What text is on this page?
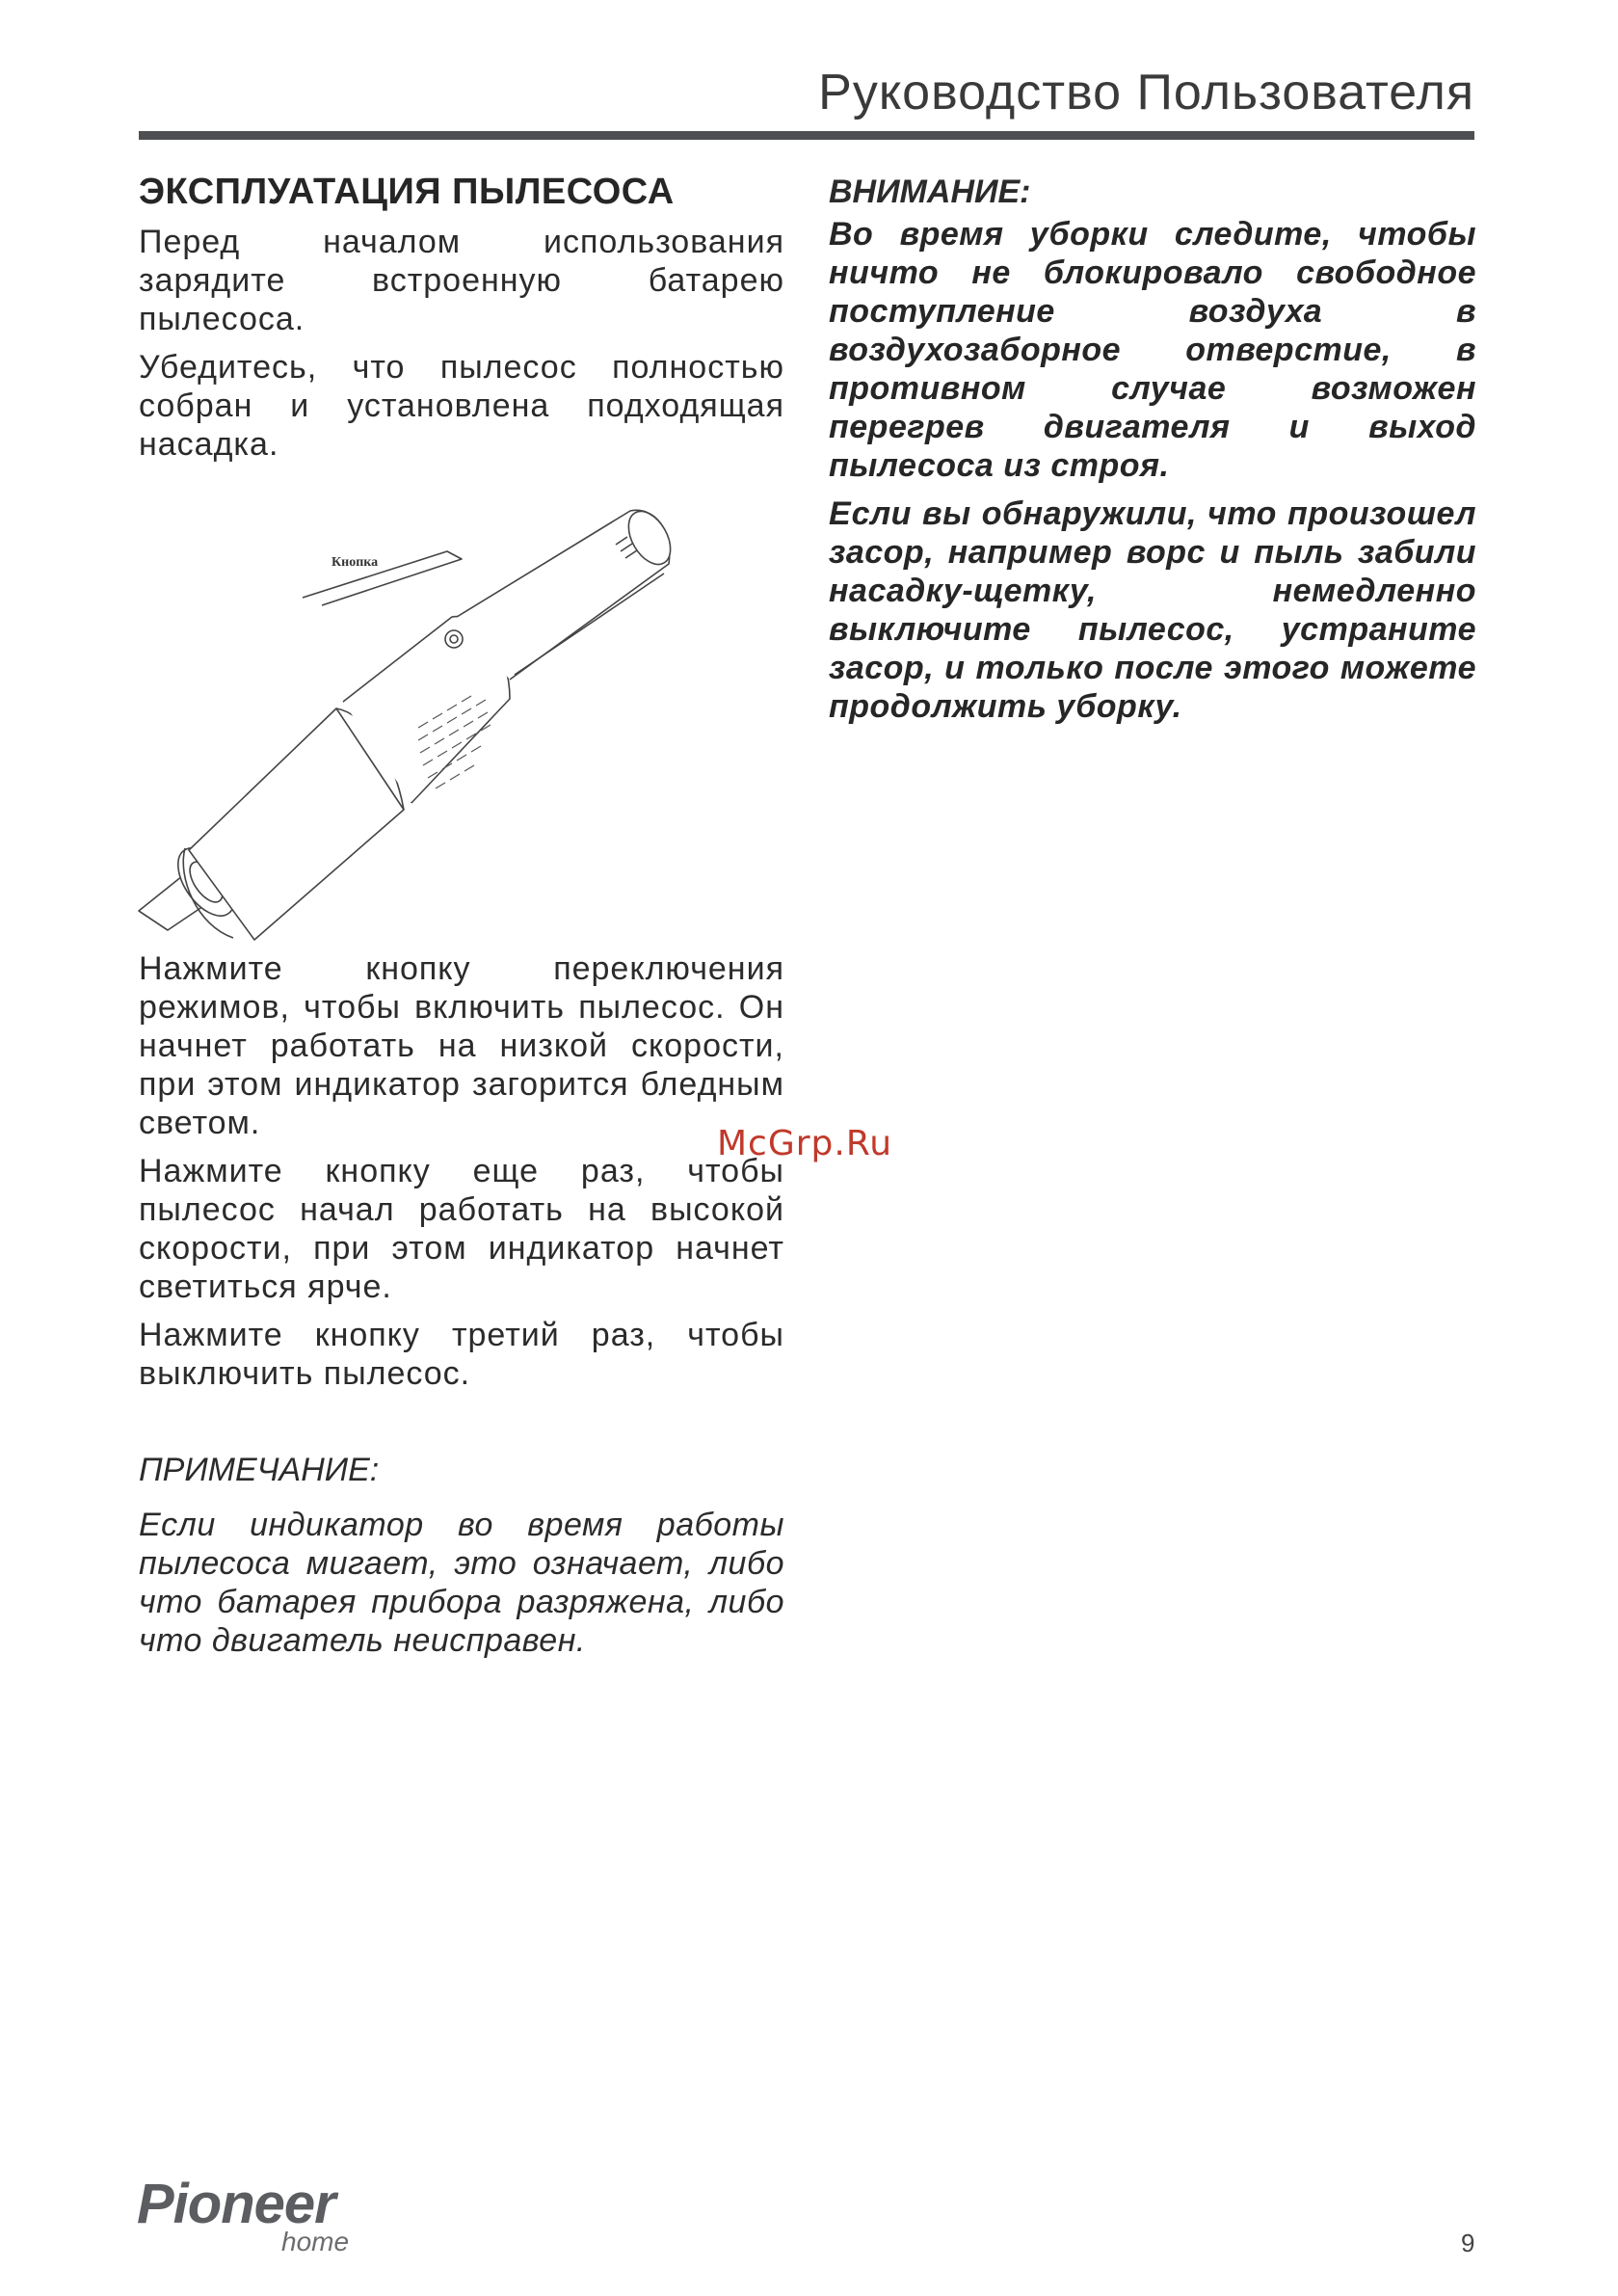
Руководство Пользователя
ЭКСПЛУАТАЦИЯ ПЫЛЕСОСА

Перед началом использования зарядите встроенную батарею пылесоса.

Убедитесь, что пылесос полностью собран и установлена подходящая насадка.

Кнопка

Нажмите кнопку переключения режимов, чтобы включить пылесос. Он начнет работать на низкой скорости, при этом индикатор загорится бледным светом.

Нажмите кнопку еще раз, чтобы пылесос начал работать на высокой скорости, при этом индикатор начнет светиться ярче.

Нажмите кнопку третий раз, чтобы выключить пылесос.

ПРИМЕЧАНИЕ:

Если индикатор во время работы пылесоса мигает, это означает, либо что батарея прибора разряжена, либо что двигатель неисправен.

ВНИМАНИЕ:

Во время уборки следите, чтобы ничто не блокировало свободное поступление воздуха в воздухозаборное отверстие, в противном случае возможен перегрев двигателя и выход пылесоса из строя.

Если вы обнаружили, что произошел засор, например ворс и пыль забили насадку-щетку, немедленно выключите пылесос, устраните засор, и только после этого можете продолжить уборку.

McGrp.Ru
Pioneer
home	9
